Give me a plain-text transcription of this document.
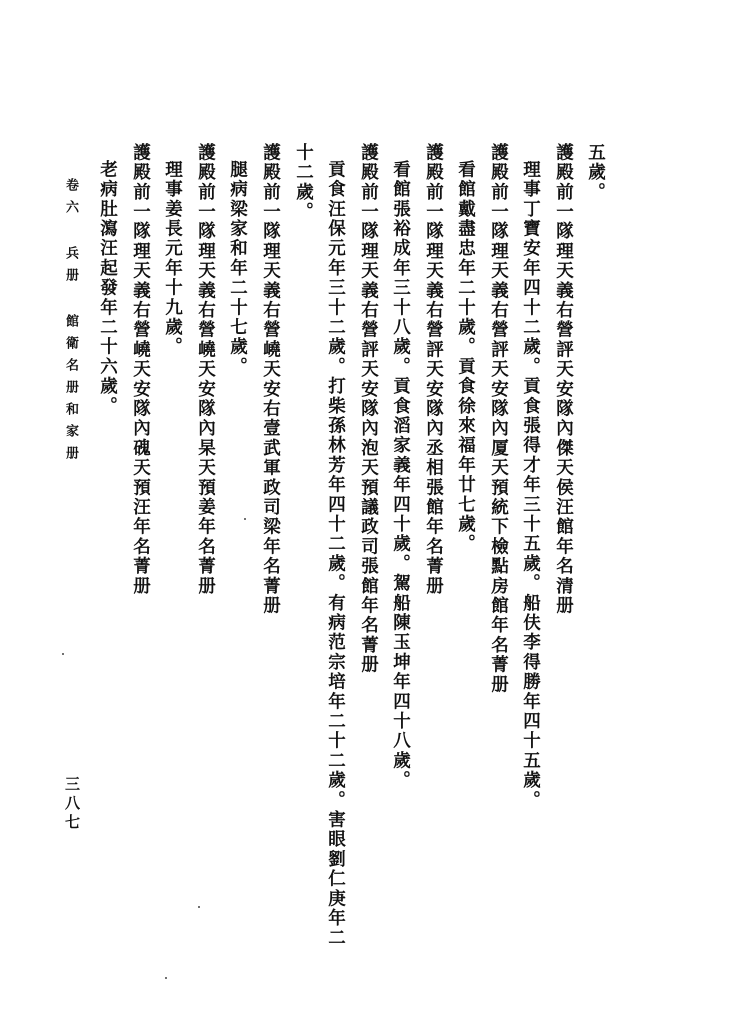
五歲。
護殿前一隊理天義右營評天安隊內傑天侯汪館年名清册
理事丁寶安年四十二歲。貢食張得才年三十五歲。船伕李得勝年四十五歲。
護殿前一隊理天義右營評天安隊內厦天預統下檢點房館年名菁册
看館戴盡忠年二十歲。貢食徐來福年廿七歲。
護殿前一隊理天義右營評天安隊內丞相張館年名菁册
看館張裕成年三十八歲。貢食滔家義年四十歲。駕船陳玉坤年四十八歲。
護殿前一隊理天義右營評天安隊內泡天預議政司張館年名菁册
貢食汪保元年三十二歲。打柴孫林芳年四十二歲。有病范宗培年二十二歲。害眼劉仁庚年二
十二歲。
護殿前一隊理天義右營嶢天安右壹武軍政司梁年名菁册
腿病梁家和年二十七歲。
護殿前一隊理天義右營嶢天安隊內杲天預姜年名菁册
理事姜長元年十九歲。
護殿前一隊理天義右營嶢天安隊內磈天預汪年名菁册
老病肚瀉汪起發年二十六歲。
卷六 兵册 館衛名册和家册
三八七
